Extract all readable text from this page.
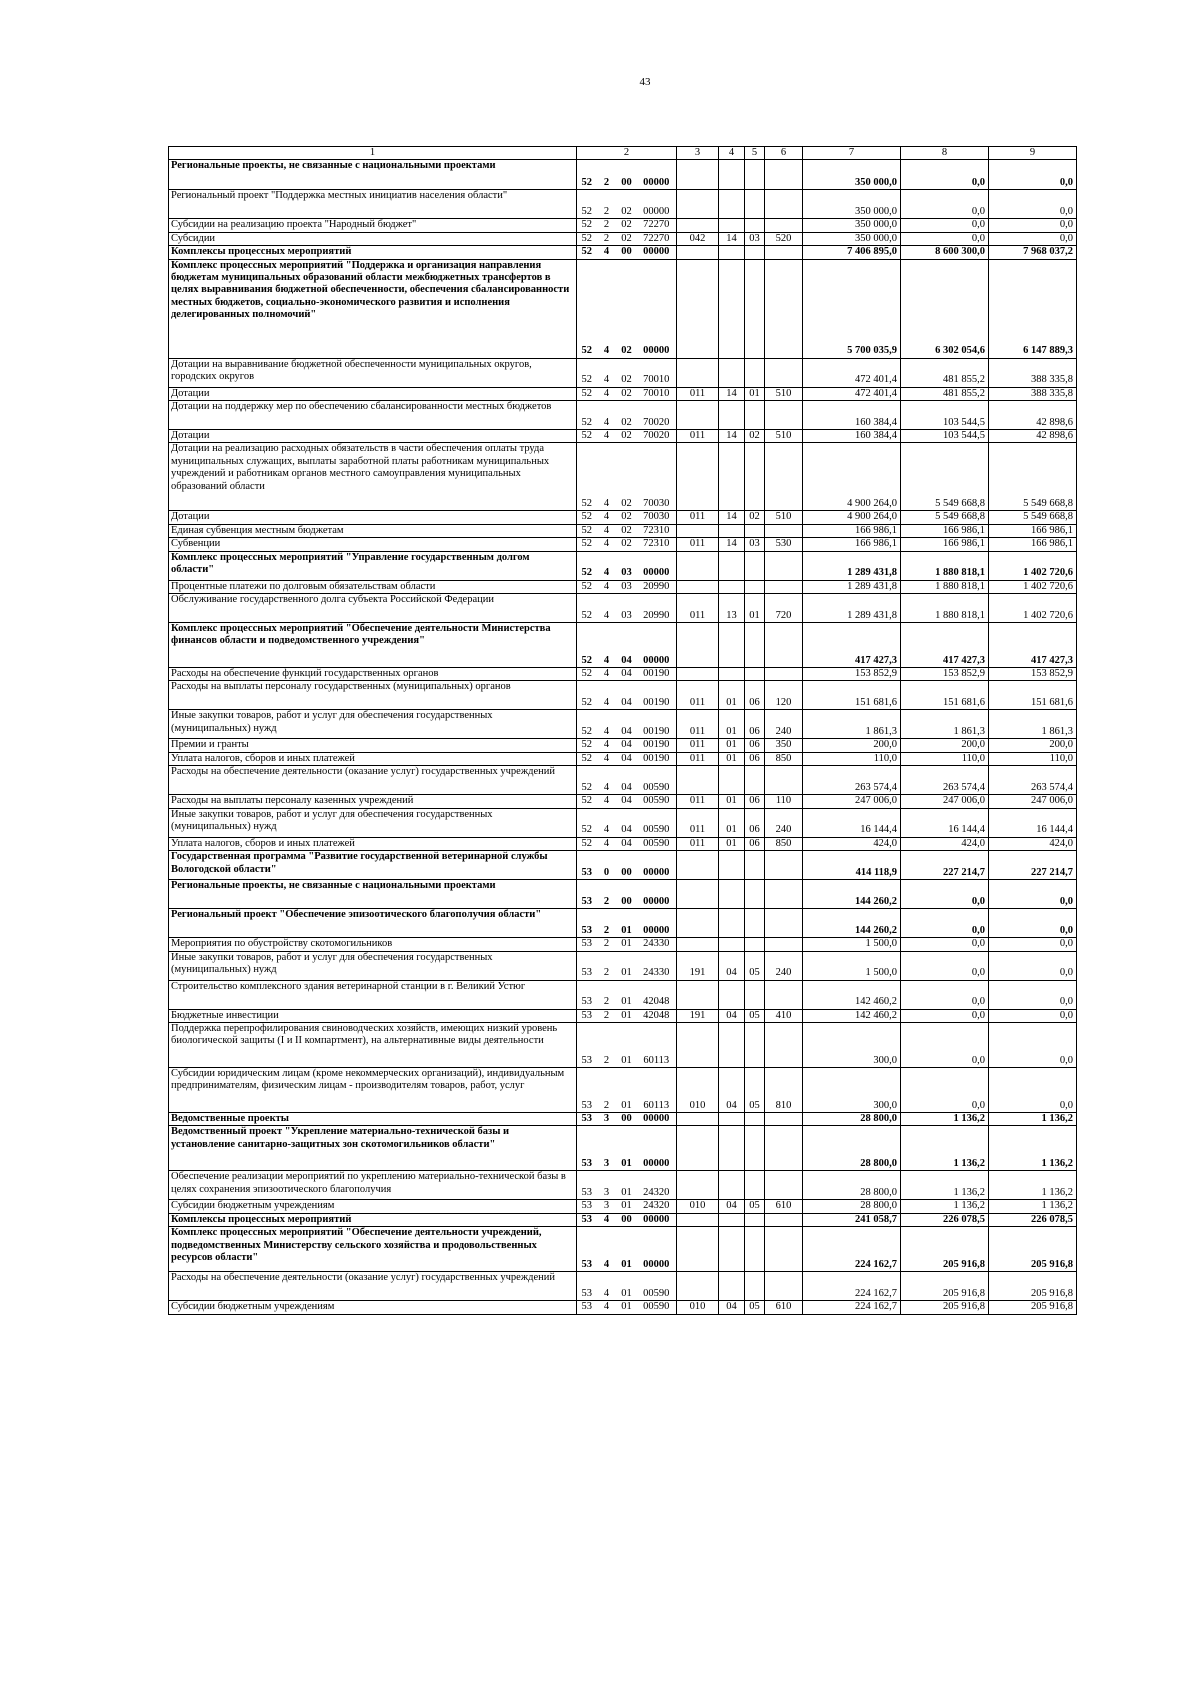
43
1	2				3	4	5	6	7	8	9
Региональные проекты, не связанные с национальными проектами	52	2	00	00000					350 000,0	0,0	0,0
Региональный проект "Поддержка местных инициатив населения области"	52	2	02	00000					350 000,0	0,0	0,0
Субсидии на реализацию проекта "Народный бюджет"	52	2	02	72270					350 000,0	0,0	0,0
Субсидии	52	2	02	72270	042	14	03	520	350 000,0	0,0	0,0
Комплексы процессных мероприятий	52	4	00	00000					7 406 895,0	8 600 300,0	7 968 037,2
Комплекс процессных мероприятий "Поддержка и организация направления бюджетам муниципальных образований области межбюджетных трансфертов в целях выравнивания бюджетной обеспеченности, обеспечения сбалансированности местных бюджетов, социально-экономического развития и исполнения делегированных полномочий"	52	4	02	00000					5 700 035,9	6 302 054,6	6 147 889,3
Дотации на выравнивание бюджетной обеспеченности муниципальных округов, городских округов	52	4	02	70010					472 401,4	481 855,2	388 335,8
Дотации	52	4	02	70010	011	14	01	510	472 401,4	481 855,2	388 335,8
Дотации на поддержку мер по обеспечению сбалансированности местных бюджетов	52	4	02	70020					160 384,4	103 544,5	42 898,6
Дотации	52	4	02	70020	011	14	02	510	160 384,4	103 544,5	42 898,6
Дотации на реализацию расходных обязательств в части обеспечения оплаты труда муниципальных служащих, выплаты заработной платы работникам муниципальных учреждений и работникам органов местного самоуправления муниципальных образований области	52	4	02	70030					4 900 264,0	5 549 668,8	5 549 668,8
Дотации	52	4	02	70030	011	14	02	510	4 900 264,0	5 549 668,8	5 549 668,8
Единая субвенция местным бюджетам	52	4	02	72310					166 986,1	166 986,1	166 986,1
Субвенции	52	4	02	72310	011	14	03	530	166 986,1	166 986,1	166 986,1
Комплекс процессных мероприятий "Управление государственным долгом области"	52	4	03	00000					1 289 431,8	1 880 818,1	1 402 720,6
Процентные платежи по долговым обязательствам области	52	4	03	20990					1 289 431,8	1 880 818,1	1 402 720,6
Обслуживание государственного долга субъекта Российской Федерации	52	4	03	20990	011	13	01	720	1 289 431,8	1 880 818,1	1 402 720,6
Комплекс процессных мероприятий "Обеспечение деятельности Министерства финансов области и подведомственного учреждения"	52	4	04	00000					417 427,3	417 427,3	417 427,3
Расходы на обеспечение функций государственных органов	52	4	04	00190					153 852,9	153 852,9	153 852,9
Расходы на выплаты персоналу государственных (муниципальных) органов	52	4	04	00190	011	01	06	120	151 681,6	151 681,6	151 681,6
Иные закупки товаров, работ и услуг для обеспечения государственных (муниципальных) нужд	52	4	04	00190	011	01	06	240	1 861,3	1 861,3	1 861,3
Премии и гранты	52	4	04	00190	011	01	06	350	200,0	200,0	200,0
Уплата налогов, сборов и иных платежей	52	4	04	00190	011	01	06	850	110,0	110,0	110,0
Расходы на обеспечение деятельности (оказание услуг) государственных учреждений	52	4	04	00590					263 574,4	263 574,4	263 574,4
Расходы на выплаты персоналу казенных учреждений	52	4	04	00590	011	01	06	110	247 006,0	247 006,0	247 006,0
Иные закупки товаров, работ и услуг для обеспечения государственных (муниципальных) нужд	52	4	04	00590	011	01	06	240	16 144,4	16 144,4	16 144,4
Уплата налогов, сборов и иных платежей	52	4	04	00590	011	01	06	850	424,0	424,0	424,0
Государственная программа "Развитие государственной ветеринарной службы Вологодской области"	53	0	00	00000					414 118,9	227 214,7	227 214,7
Региональные проекты, не связанные с национальными проектами	53	2	00	00000					144 260,2	0,0	0,0
Региональный проект "Обеспечение эпизоотического благополучия области"	53	2	01	00000					144 260,2	0,0	0,0
Мероприятия по обустройству скотомогильников	53	2	01	24330					1 500,0	0,0	0,0
Иные закупки товаров, работ и услуг для обеспечения государственных (муниципальных) нужд	53	2	01	24330	191	04	05	240	1 500,0	0,0	0,0
Строительство комплексного здания ветеринарной станции в г. Великий Устюг	53	2	01	42048					142 460,2	0,0	0,0
Бюджетные инвестиции	53	2	01	42048	191	04	05	410	142 460,2	0,0	0,0
Поддержка перепрофилирования свиноводческих хозяйств, имеющих низкий уровень биологической защиты (I и II компартмент), на альтернативные виды деятельности	53	2	01	60113					300,0	0,0	0,0
Субсидии юридическим лицам (кроме некоммерческих организаций), индивидуальным предпринимателям, физическим лицам - производителям товаров, работ, услуг	53	2	01	60113	010	04	05	810	300,0	0,0	0,0
Ведомственные проекты	53	3	00	00000					28 800,0	1 136,2	1 136,2
Ведомственный проект "Укрепление материально-технической базы и установление санитарно-защитных зон скотомогильников области"	53	3	01	00000					28 800,0	1 136,2	1 136,2
Обеспечение реализации мероприятий по укреплению материально-технической базы в целях сохранения эпизоотического благополучия	53	3	01	24320					28 800,0	1 136,2	1 136,2
Субсидии бюджетным учреждениям	53	3	01	24320	010	04	05	610	28 800,0	1 136,2	1 136,2
Комплексы процессных мероприятий	53	4	00	00000					241 058,7	226 078,5	226 078,5
Комплекс процессных мероприятий "Обеспечение деятельности учреждений, подведомственных Министерству сельского хозяйства и продовольственных ресурсов области"	53	4	01	00000					224 162,7	205 916,8	205 916,8
Расходы на обеспечение деятельности (оказание услуг) государственных учреждений	53	4	01	00590					224 162,7	205 916,8	205 916,8
Субсидии бюджетным учреждениям	53	4	01	00590	010	04	05	610	224 162,7	205 916,8	205 916,8
